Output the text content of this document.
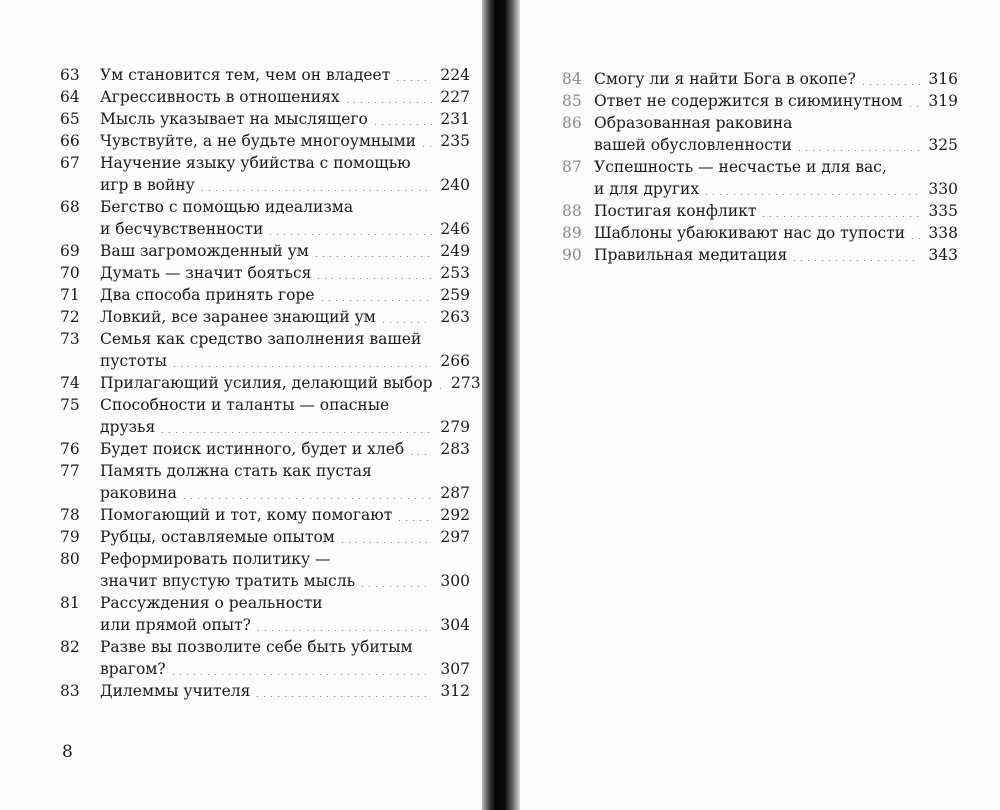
63	Ум становится тем, чем он владеет	224
64	Агрессивность в отношениях	227
65	Мысль указывает на мыслящего	231
66	Чувствуйте, а не будьте многоумными 235
67	Научение языку убийства с помощью
игр в войну	240
68	Бегство с помощью идеализма
и бесчувственности	246
69	Ваш загроможденный ум	249
70	Думать — значит бояться	253
71	Два способа принять горе	259
72	Ловкий, все заранее знающий ум	263
73	Семья как средство заполнения вашей
пустоты	266
74	Прилагающий усилия, делающий выбор 273
75	Способности и таланты — опасные
друзья	279
76	Будет поиск истинного, будет и хлеб 283
77	Память должна стать как пустая
раковина	287
78	Помогающий и тот, кому помогают	292
79	Рубцы, оставляемые опытом	297
80	Реформировать политику —
значит впустую тратить мысль	300
81	Рассуждения о реальности
или прямой опыт?	304
82	Разве вы позволите себе быть убитым
врагом?	307
83	Дилеммы учителя	312
8
84 Смогу ли я найти Бога в окопе?	316
85 Ответ не содержится в сиюминутном 319
86 Образованная раковина
вашей обусловленности	325
87 Успешность — несчастье и для вас,
и для других	330
88 Постигая конфликт	335
89 Шаблоны убаюкивают нас до тупости 338
90 Правильная медитация	343
